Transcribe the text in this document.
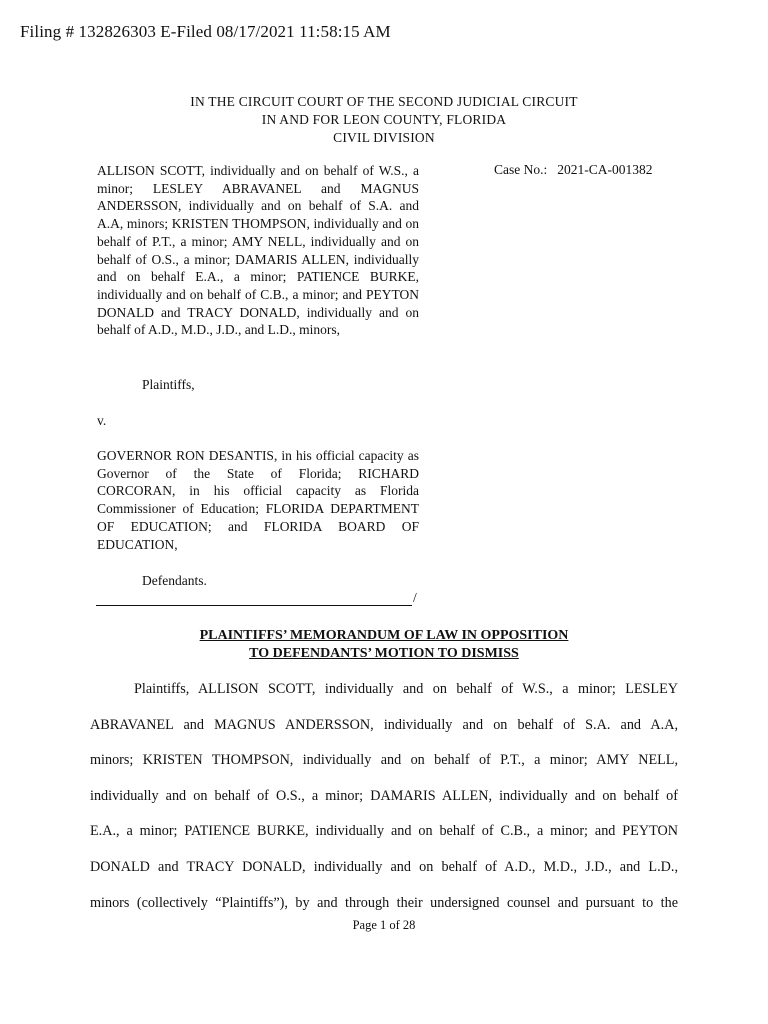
Filing # 132826303 E-Filed 08/17/2021 11:58:15 AM
IN THE CIRCUIT COURT OF THE SECOND JUDICIAL CIRCUIT
IN AND FOR LEON COUNTY, FLORIDA
CIVIL DIVISION
ALLISON SCOTT, individually and on behalf of W.S., a minor; LESLEY ABRAVANEL and MAGNUS ANDERSSON, individually and on behalf of S.A. and A.A, minors; KRISTEN THOMPSON, individually and on behalf of P.T., a minor; AMY NELL, individually and on behalf of O.S., a minor; DAMARIS ALLEN, individually and on behalf E.A., a minor; PATIENCE BURKE, individually and on behalf of C.B., a minor; and PEYTON DONALD and TRACY DONALD, individually and on behalf of A.D., M.D., J.D., and L.D., minors,
Case No.: 2021-CA-001382
Plaintiffs,
v.
GOVERNOR RON DESANTIS, in his official capacity as Governor of the State of Florida; RICHARD CORCORAN, in his official capacity as Florida Commissioner of Education; FLORIDA DEPARTMENT OF EDUCATION; and FLORIDA BOARD OF EDUCATION,
Defendants.
/
PLAINTIFFS’ MEMORANDUM OF LAW IN OPPOSITION
TO DEFENDANTS’ MOTION TO DISMISS
Plaintiffs, ALLISON SCOTT, individually and on behalf of W.S., a minor; LESLEY
ABRAVANEL and MAGNUS ANDERSSON, individually and on behalf of S.A. and A.A,
minors; KRISTEN THOMPSON, individually and on behalf of P.T., a minor; AMY NELL,
individually and on behalf of O.S., a minor; DAMARIS ALLEN, individually and on behalf of
E.A., a minor; PATIENCE BURKE, individually and on behalf of C.B., a minor; and PEYTON
DONALD and TRACY DONALD, individually and on behalf of A.D., M.D., J.D., and L.D.,
minors (collectively “Plaintiffs”), by and through their undersigned counsel and pursuant to the
Page 1 of 28
